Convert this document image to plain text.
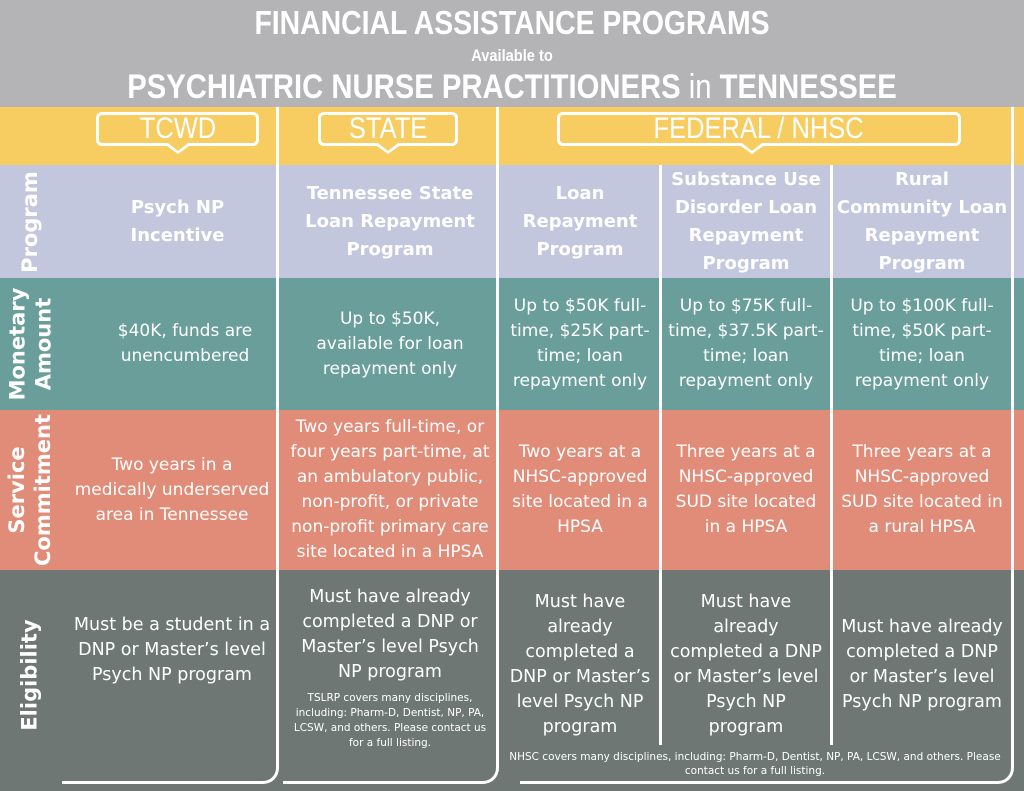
FINANCIAL ASSISTANCE PROGRAMS
Available to
PSYCHIATRIC NURSE PRACTITIONERS in TENNESSEE
TCWD	STATE	FEDERAL / NHSC
Program
Monetary
Amount
Service
Commitment
Eligibility
Psych NP Incentive
Tennessee State Loan Repayment Program
Loan Repayment Program
Substance Use Disorder Loan Repayment Program
Rural Community Loan Repayment Program
$40K, funds are unencumbered
Up to $50K, available for loan repayment only
Up to $50K full-time, $25K part-time; loan repayment only
Up to $75K full-time, $37.5K part-time; loan repayment only
Up to $100K full-time, $50K part-time; loan repayment only
Two years in a medically underserved area in Tennessee
Two years full-time, or four years part-time, at an ambulatory public, non-profit, or private non-profit primary care site located in a HPSA
Two years at a NHSC-approved site located in a HPSA
Three years at a NHSC-approved SUD site located in a HPSA
Three years at a NHSC-approved SUD site located in a rural HPSA
Must be a student in a DNP or Master’s level Psych NP program
Must have already completed a DNP or Master’s level Psych NP program
TSLRP covers many disciplines, including: Pharm-D, Dentist, NP, PA, LCSW, and others. Please contact us for a full listing.
Must have already completed a DNP or Master’s level Psych NP program
Must have already completed a DNP or Master’s level Psych NP program
Must have already completed a DNP or Master’s level Psych NP program
NHSC covers many disciplines, including: Pharm-D, Dentist, NP, PA, LCSW, and others. Please contact us for a full listing.
